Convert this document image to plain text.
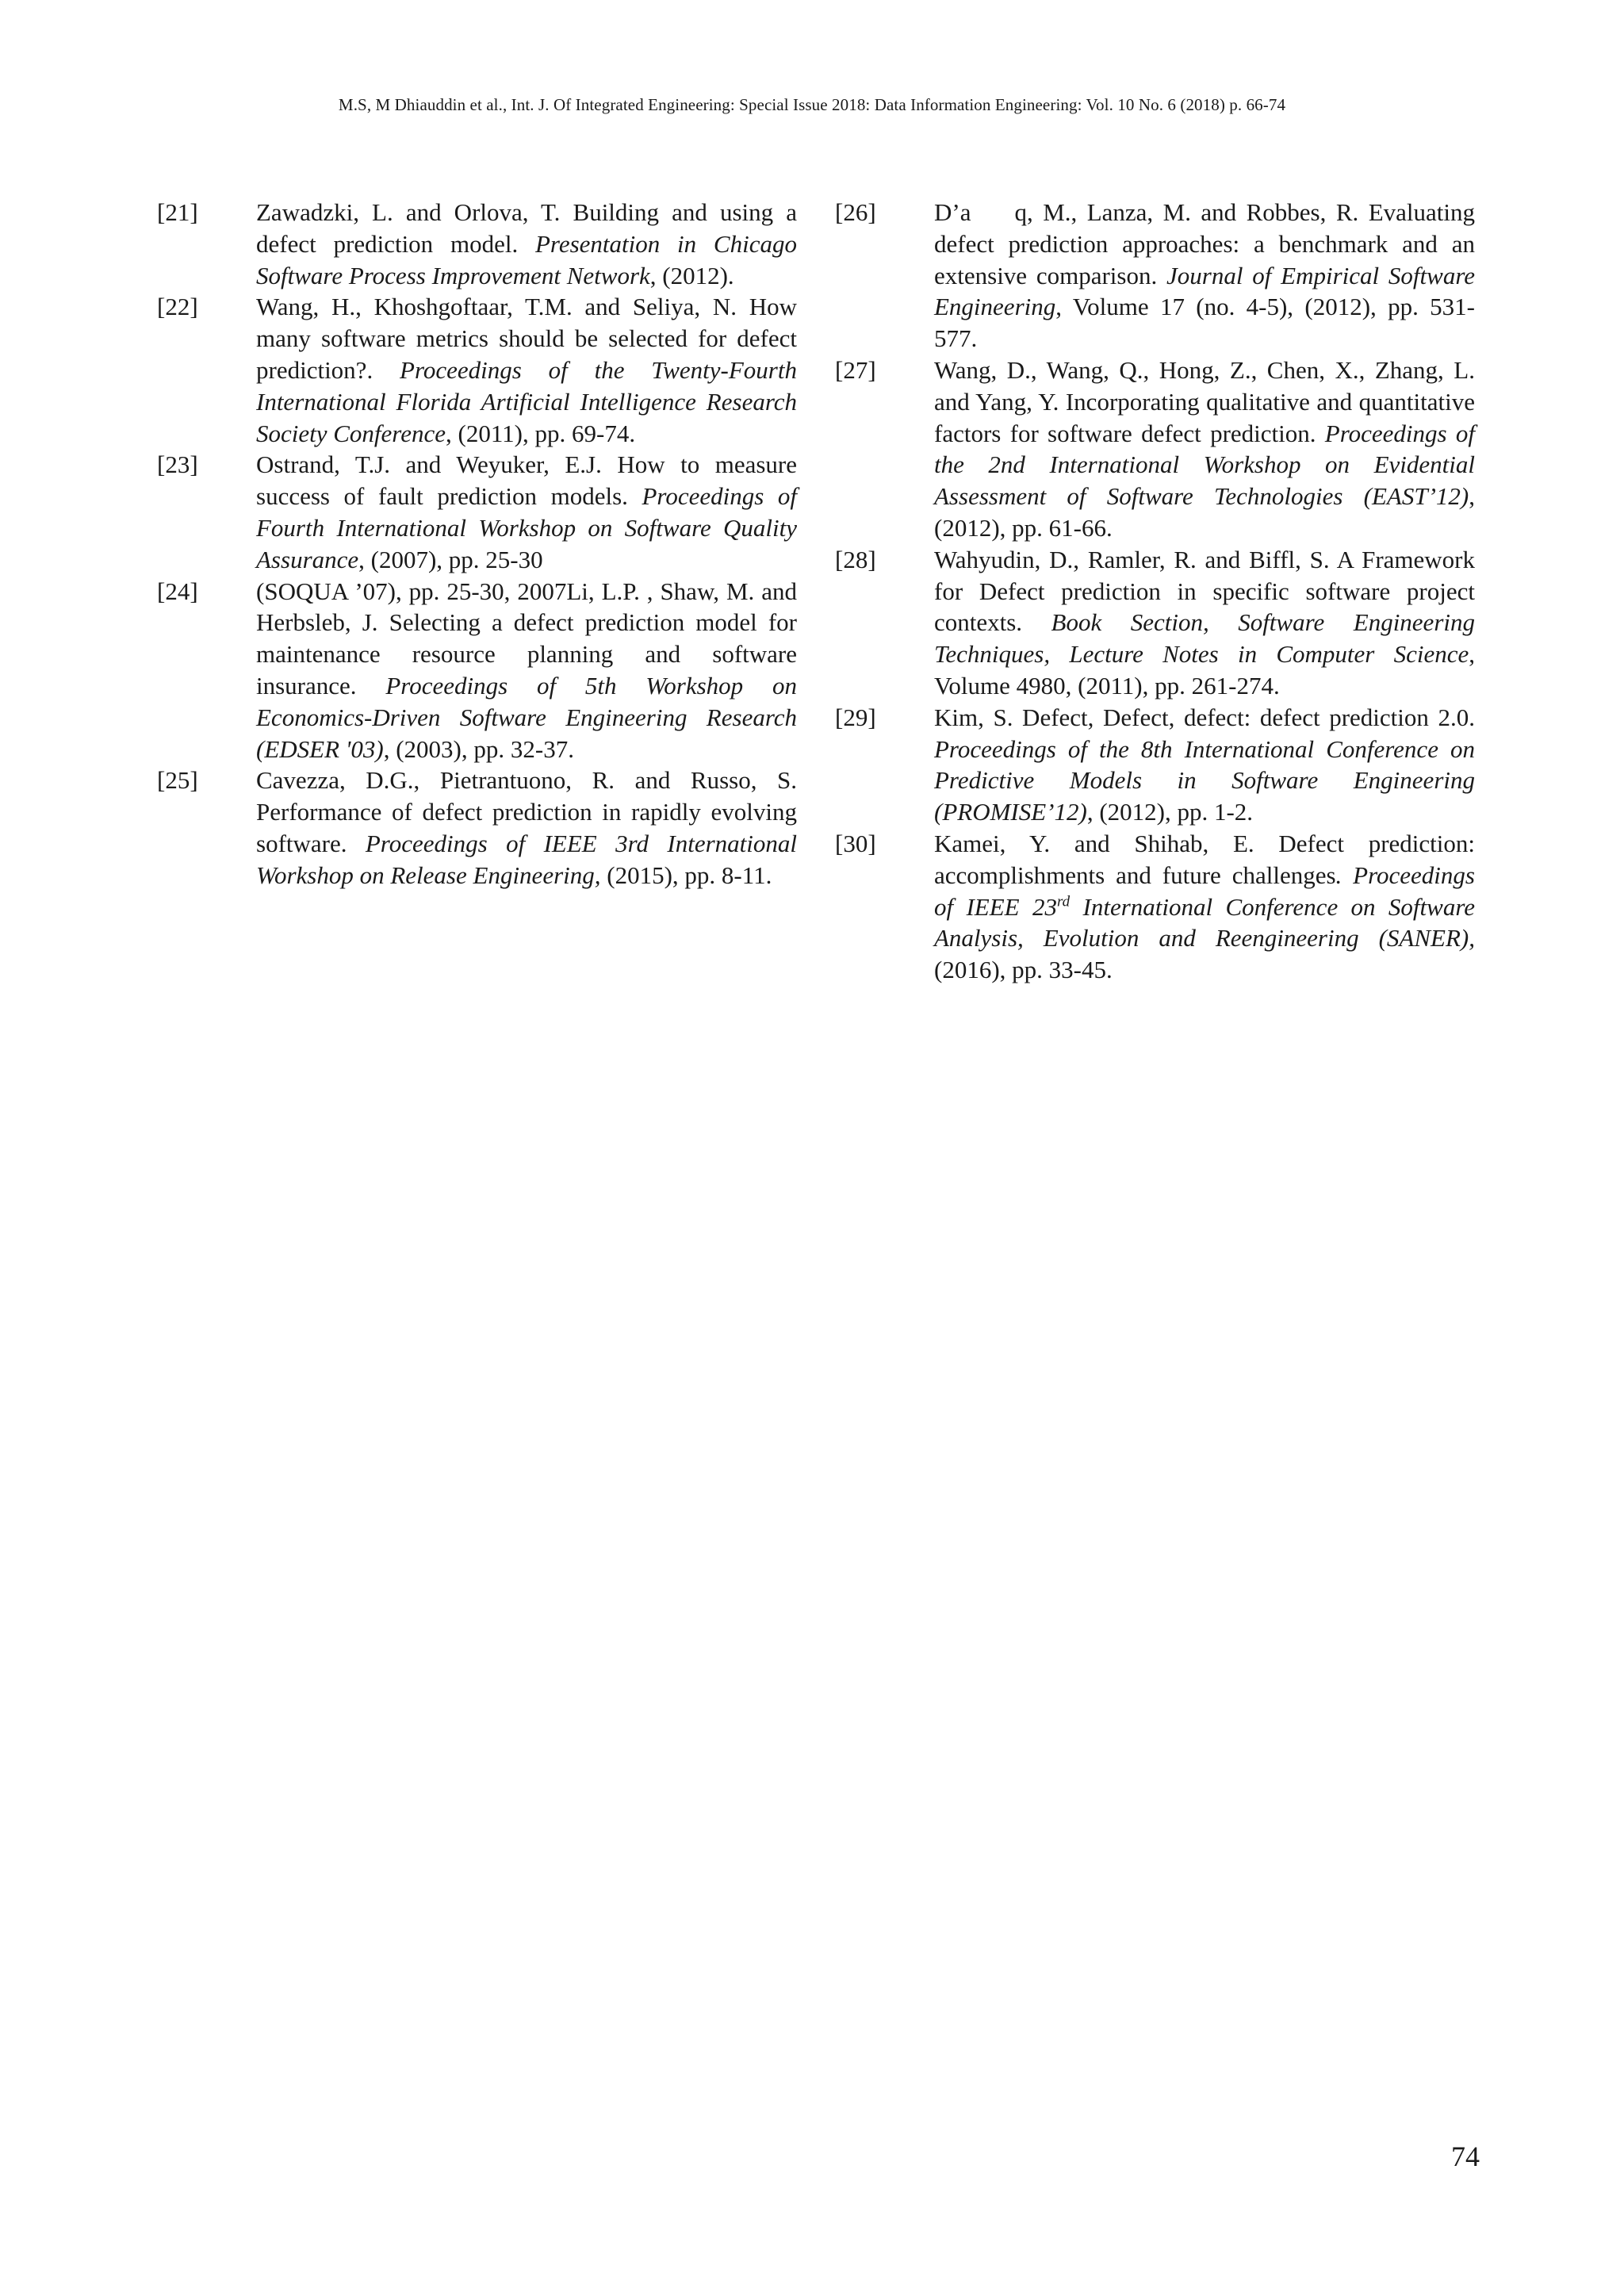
M.S, M Dhiauddin et al., Int. J. Of Integrated Engineering: Special Issue 2018: Data Information Engineering: Vol. 10 No. 6 (2018) p. 66-74
[21]	Zawadzki, L. and Orlova, T. Building and using a defect prediction model. Presentation in Chicago Software Process Improvement Network, (2012).
[22]	Wang, H., Khoshgoftaar, T.M. and Seliya, N. How many software metrics should be selected for defect prediction?. Proceedings of the Twenty-Fourth International Florida Artificial Intelligence Research Society Conference, (2011), pp. 69-74.
[23]	Ostrand, T.J. and Weyuker, E.J. How to measure success of fault prediction models. Proceedings of Fourth International Workshop on Software Quality Assurance, (2007), pp. 25-30
[24]	(SOQUA ’07), pp. 25-30, 2007Li, L.P. , Shaw, M. and Herbsleb, J. Selecting a defect prediction model for maintenance resource planning and software insurance. Proceedings of 5th Workshop on Economics-Driven Software Engineering Research (EDSER '03), (2003), pp. 32-37.
[25]	Cavezza, D.G., Pietrantuono, R. and Russo, S. Performance of defect prediction in rapidly evolving software. Proceedings of IEEE 3rd International Workshop on Release Engineering, (2015), pp. 8-11.
[26]	D’a q, M., Lanza, M. and Robbes, R. Evaluating defect prediction approaches: a benchmark and an extensive comparison. Journal of Empirical Software Engineering, Volume 17 (no. 4-5), (2012), pp. 531-577.
[27]	Wang, D., Wang, Q., Hong, Z., Chen, X., Zhang, L. and Yang, Y. Incorporating qualitative and quantitative factors for software defect prediction. Proceedings of the 2nd International Workshop on Evidential Assessment of Software Technologies (EAST’12), (2012), pp. 61-66.
[28]	Wahyudin, D., Ramler, R. and Biffl, S. A Framework for Defect prediction in specific software project contexts. Book Section, Software Engineering Techniques, Lecture Notes in Computer Science, Volume 4980, (2011), pp. 261-274.
[29]	Kim, S. Defect, Defect, defect: defect prediction 2.0. Proceedings of the 8th International Conference on Predictive Models in Software Engineering (PROMISE’12), (2012), pp. 1-2.
[30]	Kamei, Y. and Shihab, E. Defect prediction: accomplishments and future challenges. Proceedings of IEEE 23rd International Conference on Software Analysis, Evolution and Reengineering (SANER), (2016), pp. 33-45.
74
